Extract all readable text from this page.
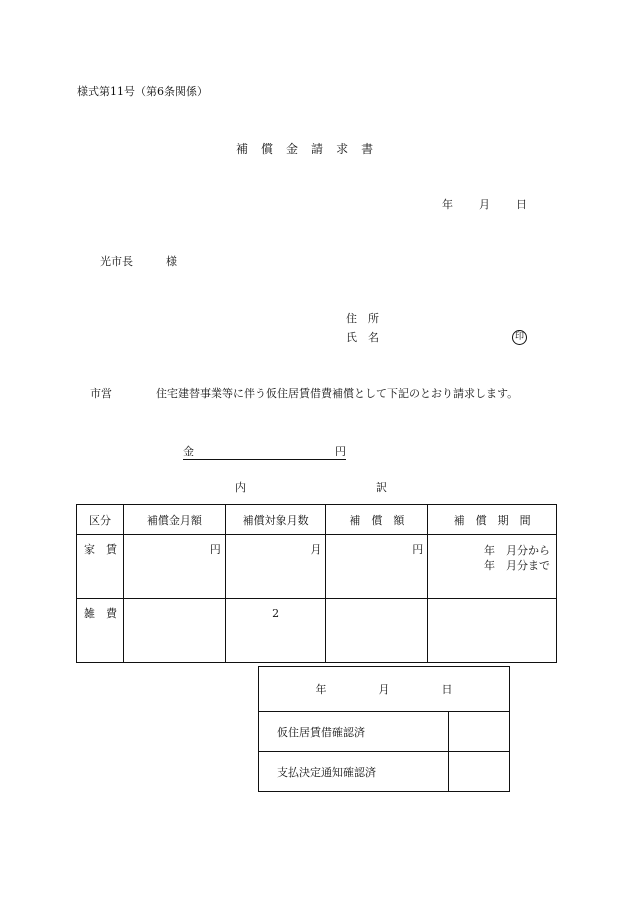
様式第11号（第6条関係）
補 償 金 請 求 書
年 月 日
光市長	様
住　所
氏　名	印
市営	住宅建替事業等に伴う仮住居賃借費補償として下記のとおり請求します。
金	円
内	訳
区分	補償金月額	補償対象月数	補　償　額	補　償　期　間
家　賃	円	月	円	年　月分から
年　月分まで

雑　費		2		
年 月 日	
仮住居賃借確認済	
支払決定通知確認済	
